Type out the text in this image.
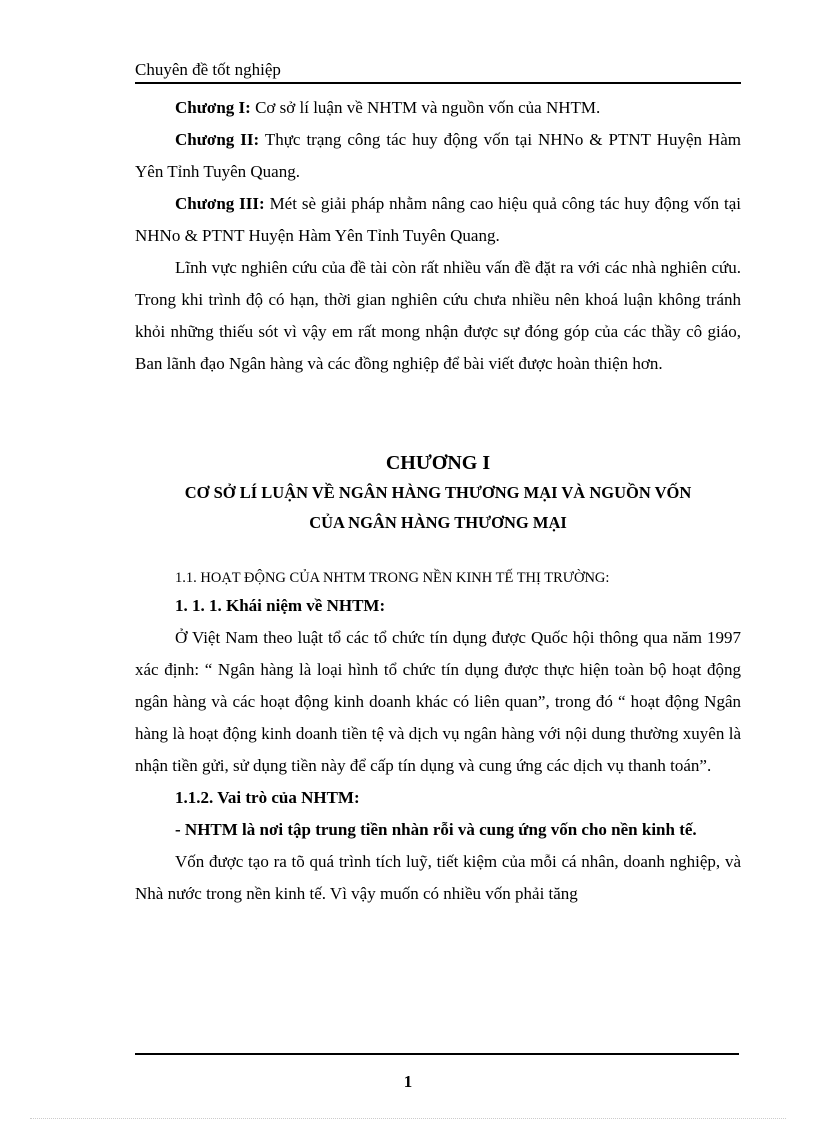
Chuyên đề tốt nghiệp

Chương I: Cơ sở lí luận về NHTM và nguồn vốn của NHTM.

Chương II: Thực trạng công tác huy động vốn tại NHNo & PTNT Huyện Hàm Yên Tỉnh Tuyên Quang.

Chương III: Mét sè giải pháp nhằm nâng cao hiệu quả công tác huy động vốn tại NHNo & PTNT Huyện Hàm Yên Tỉnh Tuyên Quang.

Lĩnh vực nghiên cứu của đề tài còn rất nhiều vấn đề đặt ra với các nhà nghiên cứu. Trong khi trình độ có hạn, thời gian nghiên cứu chưa nhiều nên khoá luận không tránh khỏi những thiếu sót vì vậy em rất mong nhận được sự đóng góp của các thầy cô giáo, Ban lãnh đạo Ngân hàng và các đồng nghiệp để bài viết được hoàn thiện hơn.

CHƯƠNG I

CƠ SỞ LÍ LUẬN VỀ NGÂN HÀNG THƯƠNG MẠI VÀ NGUỒN VỐN

CỦA NGÂN HÀNG THƯƠNG MẠI

1.1. HOẠT ĐỘNG CỦA NHTM TRONG NỀN KINH TẾ THỊ TRƯỜNG:

1. 1. 1. Khái niệm về NHTM:

Ở Việt Nam theo luật tổ các tổ chức tín dụng được Quốc hội thông qua năm 1997 xác định: “ Ngân hàng là loại hình tổ chức tín dụng được thực hiện toàn bộ hoạt động ngân hàng và các hoạt động kinh doanh khác có liên quan”, trong đó “ hoạt động Ngân hàng là hoạt động kinh doanh tiền tệ và dịch vụ ngân hàng với nội dung thường xuyên là nhận tiền gửi, sử dụng tiền này để cấp tín dụng và cung ứng các dịch vụ thanh toán”.

1.1.2. Vai trò của NHTM:

- NHTM là nơi tập trung tiền nhàn rỗi và cung ứng vốn cho nền kinh tế.

Vốn được tạo ra tõ quá trình tích luỹ, tiết kiệm của mỗi cá nhân, doanh nghiệp, và Nhà nước trong nền kinh tế. Vì vậy muốn có nhiều vốn phải tăng

1
